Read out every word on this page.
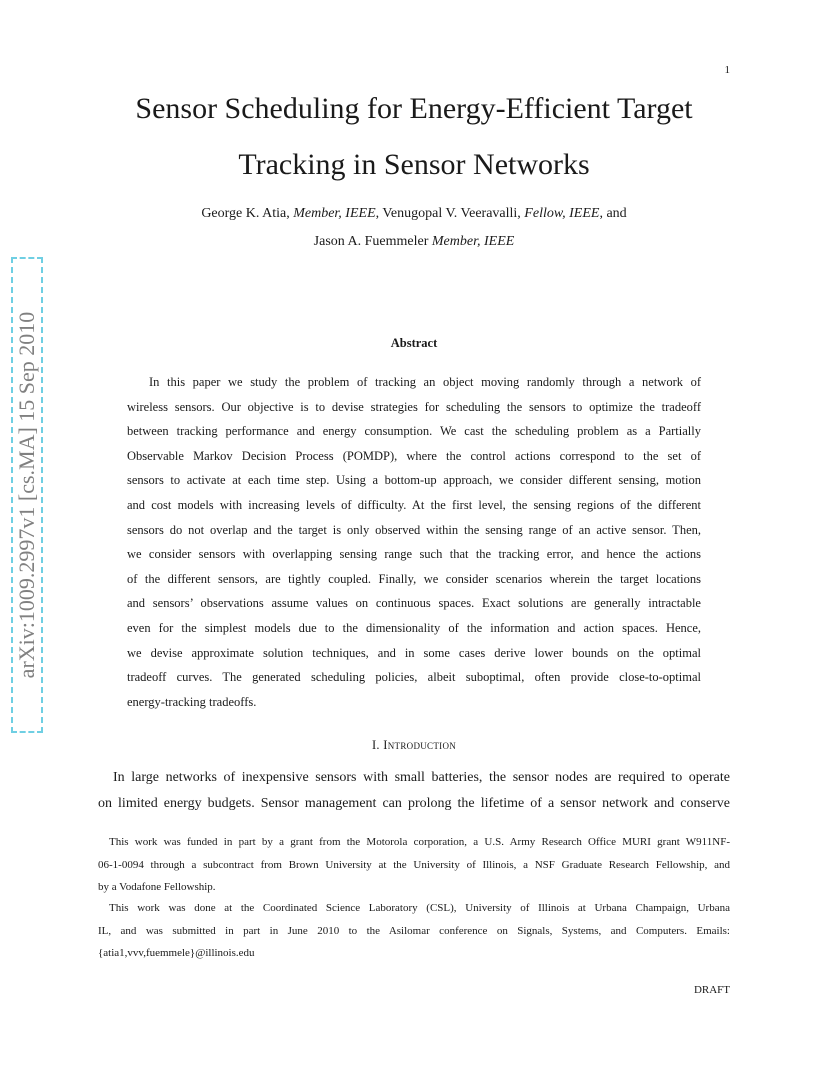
1
Sensor Scheduling for Energy-Efficient Target
Tracking in Sensor Networks
George K. Atia, Member, IEEE, Venugopal V. Veeravalli, Fellow, IEEE, and
Jason A. Fuemmeler Member, IEEE
arXiv:1009.2997v1 [cs.MA] 15 Sep 2010	Abstract
In this paper we study the problem of tracking an object moving randomly through a network of
wireless sensors. Our objective is to devise strategies for scheduling the sensors to optimize the tradeoff
between tracking performance and energy consumption. We cast the scheduling problem as a Partially
Observable Markov Decision Process (POMDP), where the control actions correspond to the set of
sensors to activate at each time step. Using a bottom-up approach, we consider different sensing, motion
and cost models with increasing levels of difficulty. At the first level, the sensing regions of the different
sensors do not overlap and the target is only observed within the sensing range of an active sensor. Then,
we consider sensors with overlapping sensing range such that the tracking error, and hence the actions
of the different sensors, are tightly coupled. Finally, we consider scenarios wherein the target locations
and sensors’ observations assume values on continuous spaces. Exact solutions are generally intractable
even for the simplest models due to the dimensionality of the information and action spaces. Hence,
we devise approximate solution techniques, and in some cases derive lower bounds on the optimal
tradeoff curves. The generated scheduling policies, albeit suboptimal, often provide close-to-optimal
energy-tracking tradeoffs.
I. Introduction
In large networks of inexpensive sensors with small batteries, the sensor nodes are required to operate
on limited energy budgets. Sensor management can prolong the lifetime of a sensor network and conserve
This work was funded in part by a grant from the Motorola corporation, a U.S. Army Research Office MURI grant W911NF-
06-1-0094 through a subcontract from Brown University at the University of Illinois, a NSF Graduate Research Fellowship, and
by a Vodafone Fellowship.
This work was done at the Coordinated Science Laboratory (CSL), University of Illinois at Urbana Champaign, Urbana
IL, and was submitted in part in June 2010 to the Asilomar conference on Signals, Systems, and Computers. Emails:
{atia1,vvv,fuemmele}@illinois.edu
DRAFT
